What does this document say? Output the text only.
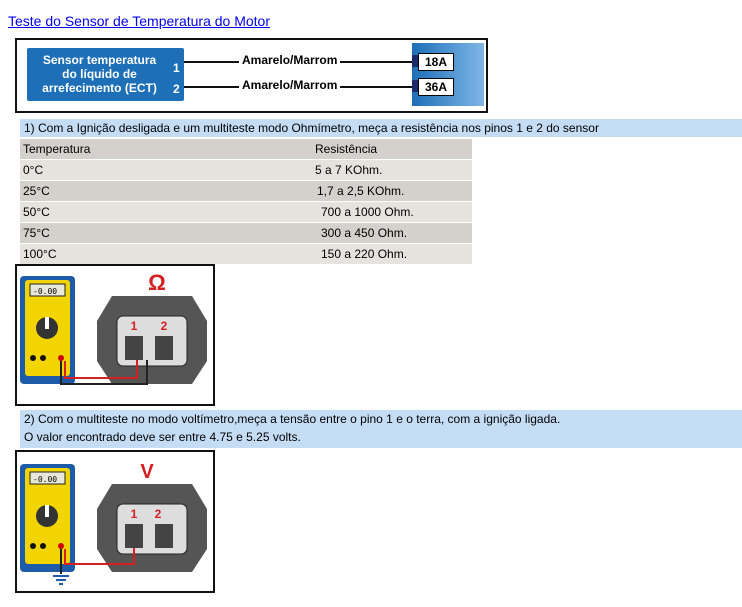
Teste do Sensor de Temperatura do Motor
Sensor temperatura
do líquido de
arrefecimento (ECT)
1
2
Amarelo/Marrom
Amarelo/Marrom
18A
36A
1) Com a Ignição desligada e um multiteste modo Ohmímetro, meça a resistência nos pinos 1 e 2 do sensor
Temperatura	Resistência
0°C	5 a 7 KOhm.
25°C	1,7 a 2,5 KOhm.
50°C	700 a 1000 Ohm.
75°C	300 a 450 Ohm.
100°C	150 a 220 Ohm.
-0.00
1 2
Ω
2) Com o multiteste no modo voltímetro,meça a tensão entre o pino 1 e o terra, com a ignição ligada.
O valor encontrado deve ser entre 4.75 e 5.25 volts.
-0.00
1 2
V
